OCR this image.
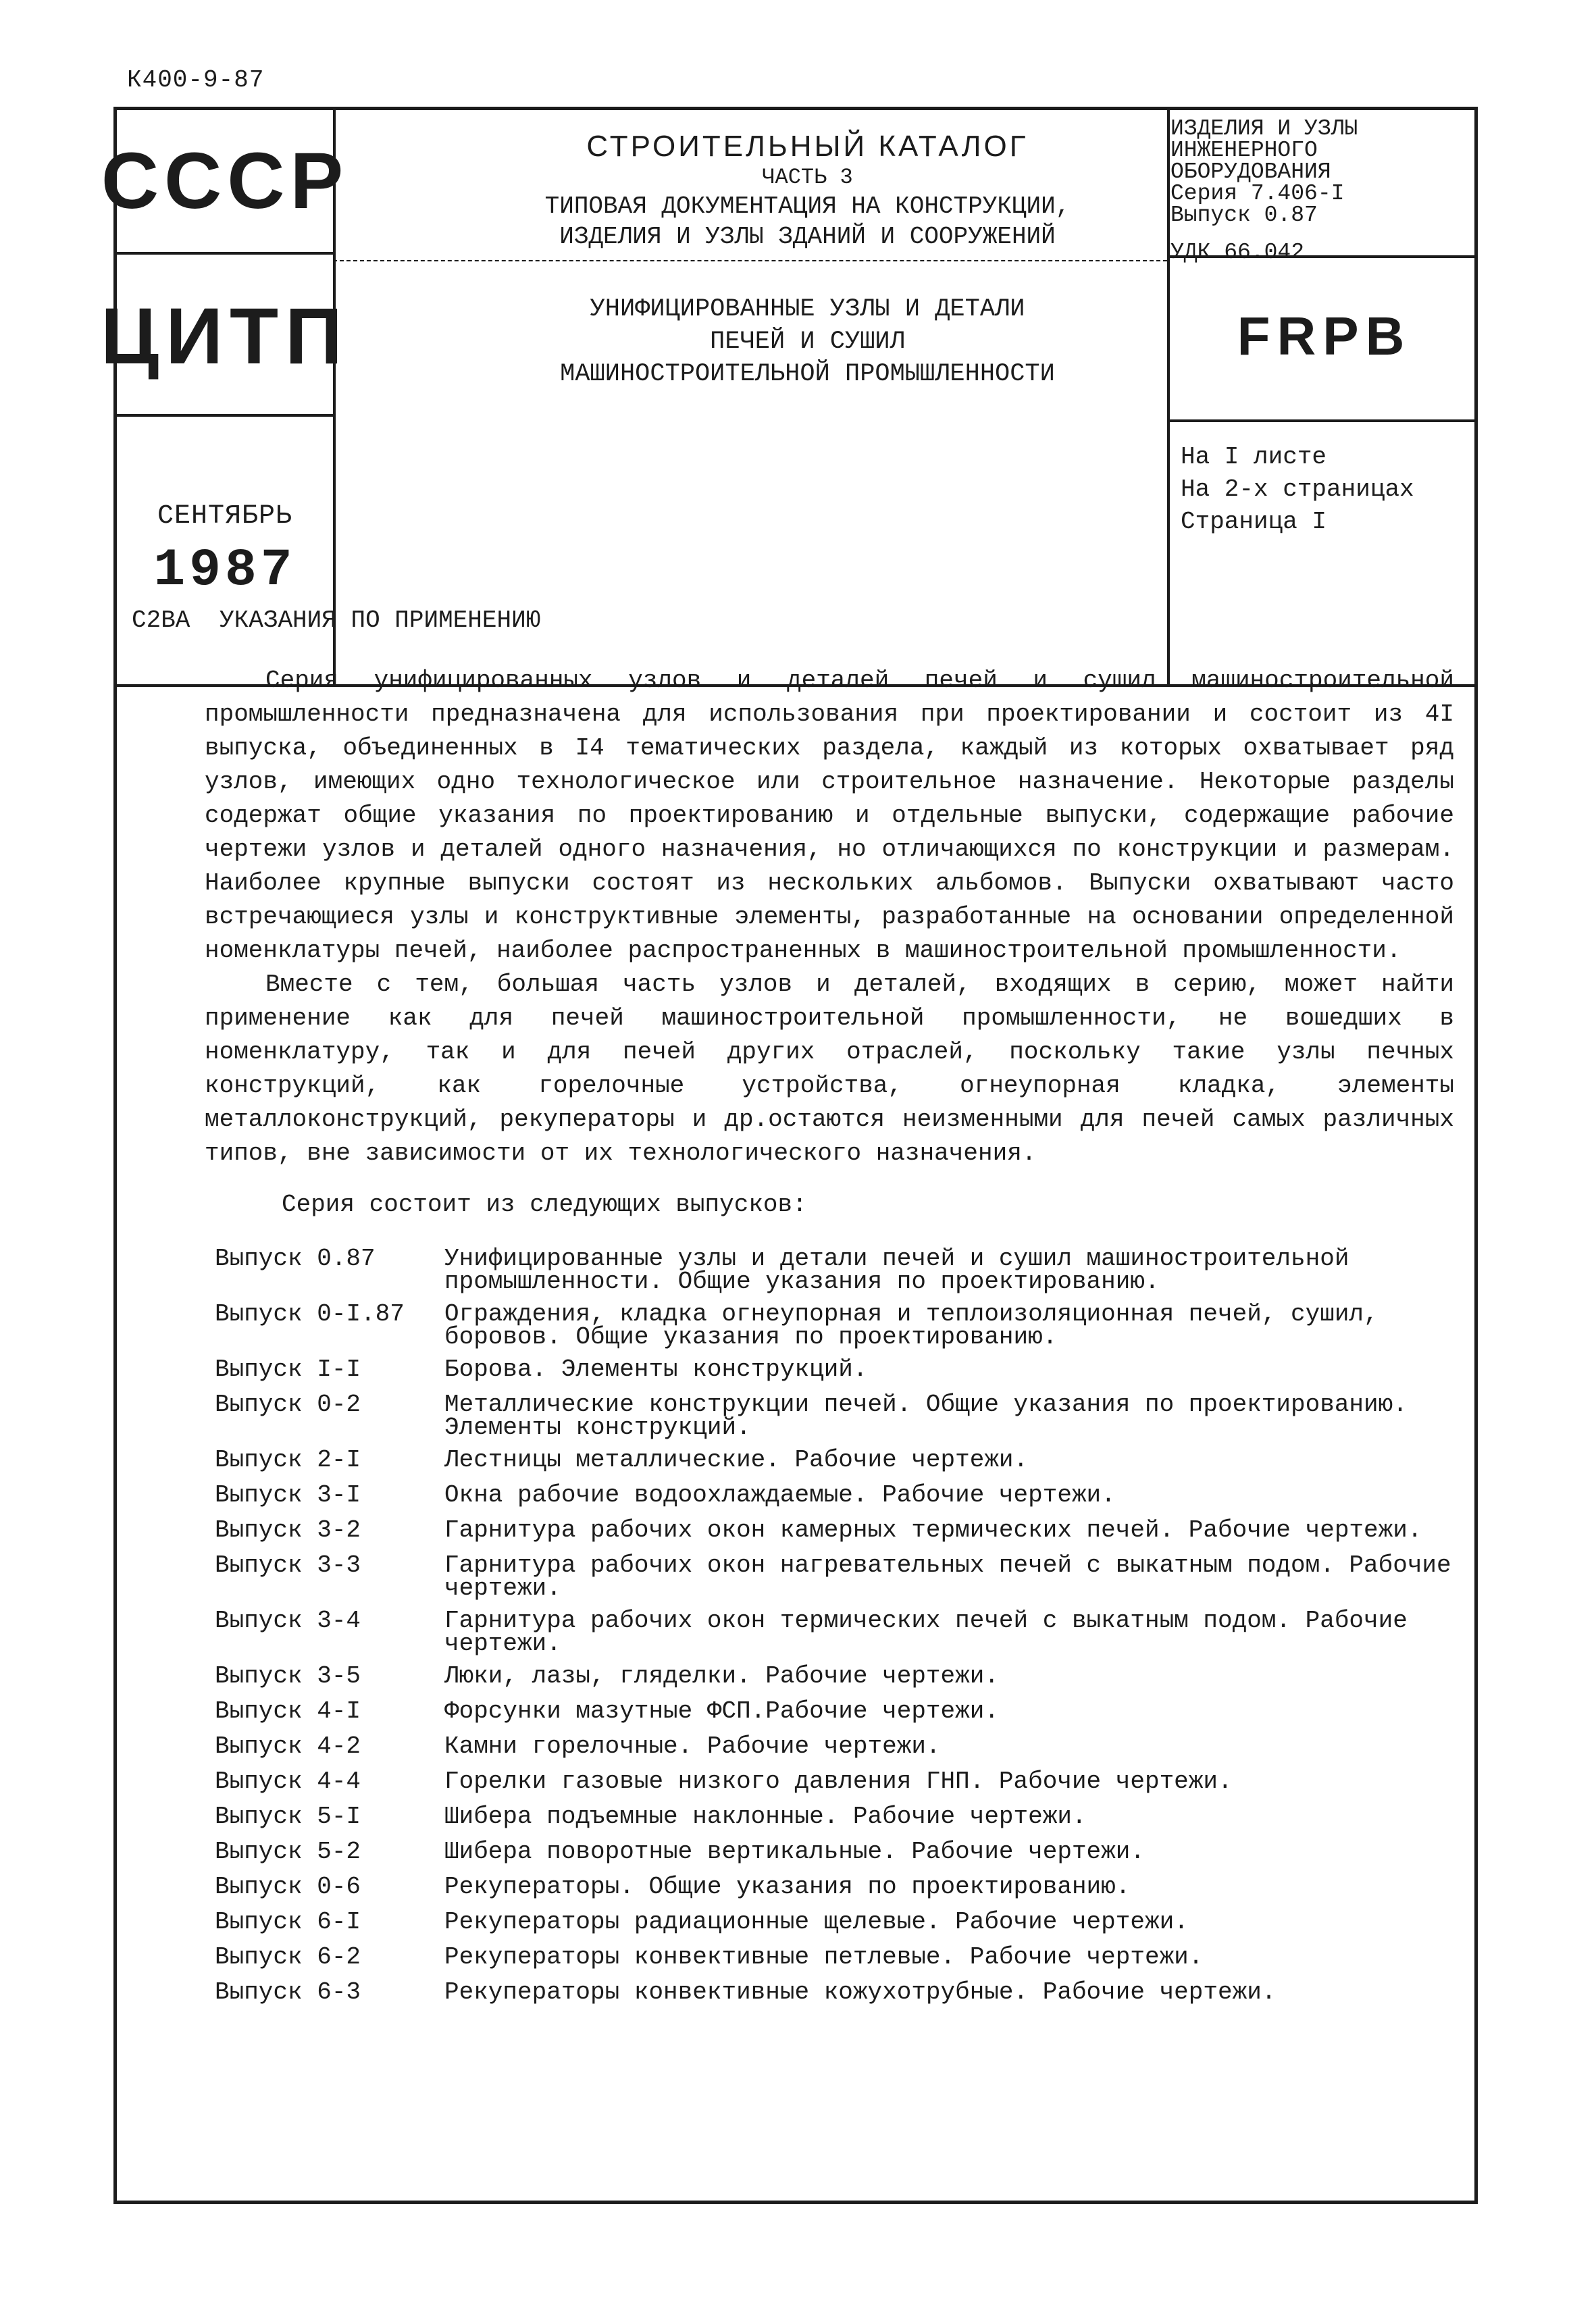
К400-9-87
СССР
ЦИТП
СЕНТЯБРЬ
1987
СТРОИТЕЛЬНЫЙ КАТАЛОГ
ЧАСТЬ 3
ТИПОВАЯ ДОКУМЕНТАЦИЯ НА КОНСТРУКЦИИ,
ИЗДЕЛИЯ И УЗЛЫ ЗДАНИЙ И СООРУЖЕНИЙ
УНИФИЦИРОВАННЫЕ УЗЛЫ И ДЕТАЛИ
ПЕЧЕЙ И СУШИЛ
МАШИНОСТРОИТЕЛЬНОЙ ПРОМЫШЛЕННОСТИ
ИЗДЕЛИЯ И УЗЛЫ
ИНЖЕНЕРНОГО
ОБОРУДОВАНИЯ
Серия 7.406-I
Выпуск 0.87
УДК 66.042
FRPB
На I листе
На 2-х страницах
Страница I
С2ВА УКАЗАНИЯ ПО ПРИМЕНЕНИЮ

Серия унифицированных узлов и деталей печей и сушил машиностроительной промышленности предназначена для использования при проектировании и состоит из 4I выпуска, объединенных в I4 тематических раздела, каждый из которых охватывает ряд узлов, имеющих одно технологическое или строительное назначение. Некоторые разделы содержат общие указания по проектированию и отдельные выпуски, содержащие рабочие чертежи узлов и деталей одного назначения, но отличающихся по конструкции и размерам. Наиболее крупные выпуски состоят из нескольких альбомов. Выпуски охватывают часто встречающиеся узлы и конструктивные элементы, разработанные на основании определенной номенклатуры печей, наиболее распространенных в машиностроительной промышленности.

Вместе с тем, большая часть узлов и деталей, входящих в серию, может найти применение как для печей машиностроительной промышленности, не вошедших в номенклатуру, так и для печей других отраслей, поскольку такие узлы печных конструкций, как горелочные устройства, огнеупорная кладка, элементы металлоконструкций, рекуператоры и др.остаются неизменными для печей самых различных типов, вне зависимости от их технологического назначения.

Серия состоит из следующих выпусков:
Выпуск 0.87	Унифицированные узлы и детали печей и сушил машиностроительной промышленности. Общие указания по проектированию.
Выпуск 0-I.87	Ограждения, кладка огнеупорная и теплоизоляционная печей, сушил, боровов. Общие указания по проектированию.
Выпуск I-I	Борова. Элементы конструкций.
Выпуск 0-2	Металлические конструкции печей. Общие указания по проектированию. Элементы конструкций.
Выпуск 2-I	Лестницы металлические. Рабочие чертежи.
Выпуск 3-I	Окна рабочие водоохлаждаемые. Рабочие чертежи.
Выпуск 3-2	Гарнитура рабочих окон камерных термических печей. Рабочие чертежи.
Выпуск 3-3	Гарнитура рабочих окон нагревательных печей с выкатным подом. Рабочие чертежи.
Выпуск 3-4	Гарнитура рабочих окон термических печей с выкатным подом. Рабочие чертежи.
Выпуск 3-5	Люки, лазы, гляделки. Рабочие чертежи.
Выпуск 4-I	Форсунки мазутные ФСП.Рабочие чертежи.
Выпуск 4-2	Камни горелочные. Рабочие чертежи.
Выпуск 4-4	Горелки газовые низкого давления ГНП. Рабочие чертежи.
Выпуск 5-I	Шибера подъемные наклонные. Рабочие чертежи.
Выпуск 5-2	Шибера поворотные вертикальные. Рабочие чертежи.
Выпуск 0-6	Рекуператоры. Общие указания по проектированию.
Выпуск 6-I	Рекуператоры радиационные щелевые. Рабочие чертежи.
Выпуск 6-2	Рекуператоры конвективные петлевые. Рабочие чертежи.
Выпуск 6-3	Рекуператоры конвективные кожухотрубные. Рабочие чертежи.
